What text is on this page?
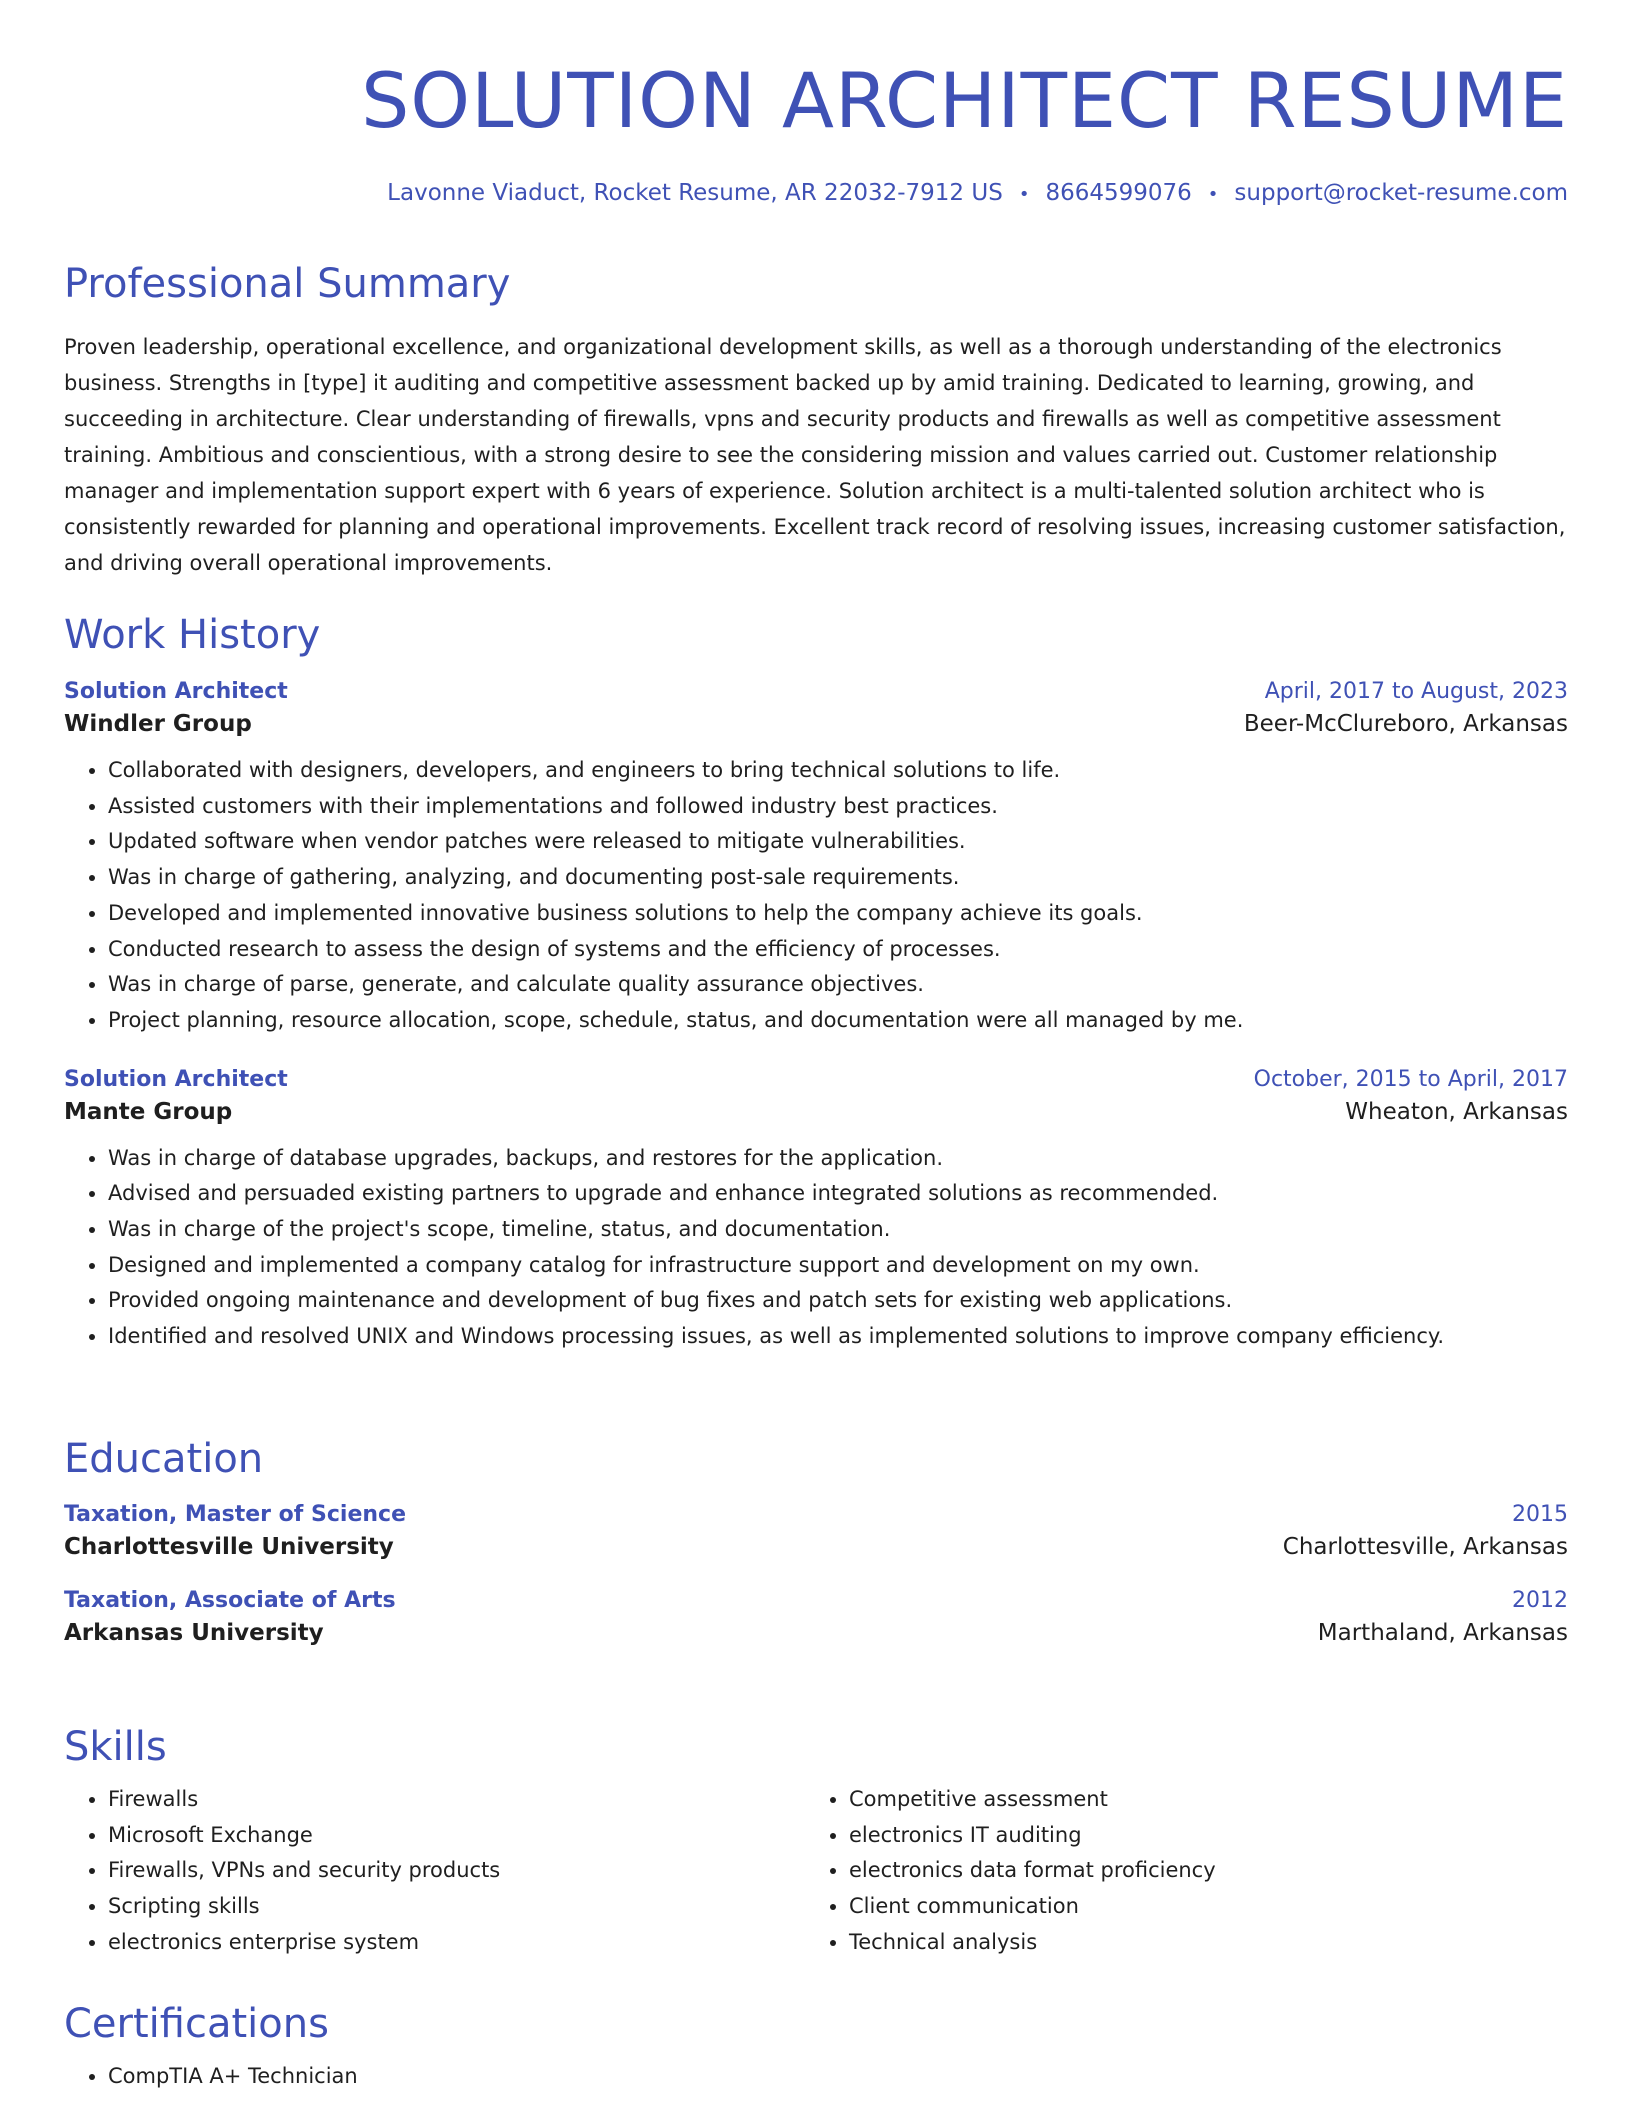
SOLUTION ARCHITECT RESUME
Lavonne Viaduct, Rocket Resume, AR 22032-7912 US • 8664599076 • support@rocket-resume.com
Professional Summary

Proven leadership, operational excellence, and organizational development skills, as well as a thorough understanding of the electronics business. Strengths in [type] it auditing and competitive assessment backed up by amid training. Dedicated to learning, growing, and succeeding in architecture. Clear understanding of firewalls, vpns and security products and firewalls as well as competitive assessment training. Ambitious and conscientious, with a strong desire to see the considering mission and values carried out. Customer relationship manager and implementation support expert with 6 years of experience. Solution architect is a multi-talented solution architect who is consistently rewarded for planning and operational improvements. Excellent track record of resolving issues, increasing customer satisfaction, and driving overall operational improvements.

Work History
Solution Architect	April, 2017 to August, 2023
Windler Group	Beer-McClureboro, Arkansas
• Collaborated with designers, developers, and engineers to bring technical solutions to life.
• Assisted customers with their implementations and followed industry best practices.
• Updated software when vendor patches were released to mitigate vulnerabilities.
• Was in charge of gathering, analyzing, and documenting post-sale requirements.
• Developed and implemented innovative business solutions to help the company achieve its goals.
• Conducted research to assess the design of systems and the efficiency of processes.
• Was in charge of parse, generate, and calculate quality assurance objectives.
• Project planning, resource allocation, scope, schedule, status, and documentation were all managed by me.
Solution Architect	October, 2015 to April, 2017
Mante Group	Wheaton, Arkansas
• Was in charge of database upgrades, backups, and restores for the application.
• Advised and persuaded existing partners to upgrade and enhance integrated solutions as recommended.
• Was in charge of the project's scope, timeline, status, and documentation.
• Designed and implemented a company catalog for infrastructure support and development on my own.
• Provided ongoing maintenance and development of bug fixes and patch sets for existing web applications.
• Identified and resolved UNIX and Windows processing issues, as well as implemented solutions to improve company efficiency.
Education
Taxation, Master of Science	2015
Charlottesville University	Charlottesville, Arkansas
Taxation, Associate of Arts	2012
Arkansas University	Marthaland, Arkansas
Skills
• Firewalls
• Microsoft Exchange
• Firewalls, VPNs and security products
• Scripting skills
• electronics enterprise system
• Competitive assessment
• electronics IT auditing
• electronics data format proficiency
• Client communication
• Technical analysis
Certifications
• CompTIA A+ Technician
